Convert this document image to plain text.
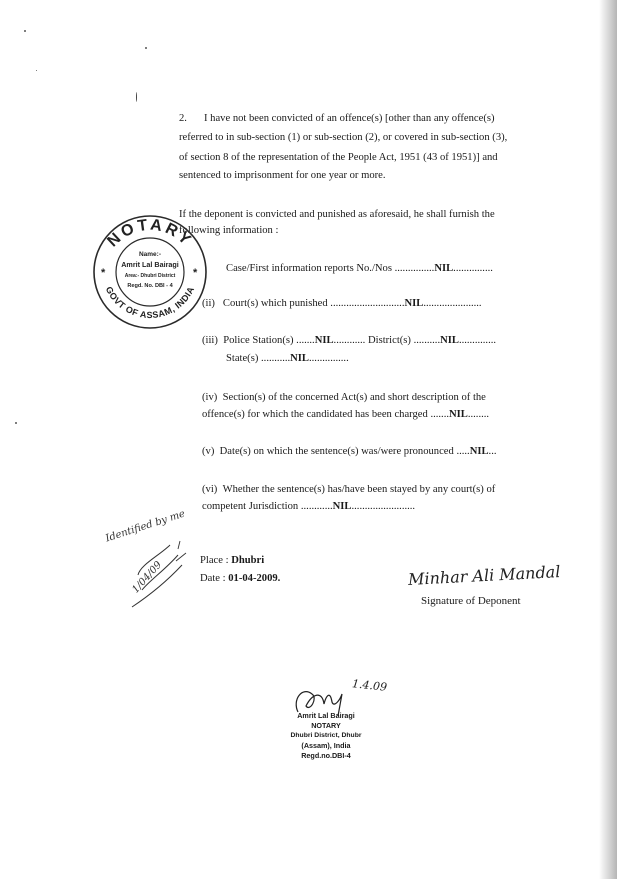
2. I have not been convicted of an offence(s) [other than any offence(s)
referred to in sub-section (1) or sub-section (2), or covered in sub-section (3),
of section 8 of the representation of the People Act, 1951 (43 of 1951)] and
sentenced to imprisonment for one year or more.
If the deponent is convicted and punished as aforesaid, he shall furnish the
following information :
Case/First information reports No./Nos ...............NIL...............
(ii) Court(s) which punished ............................NIL......................
(iii) Police Station(s) .......NIL............ District(s) ..........NIL..............
State(s) ...........NIL...............
(iv) Section(s) of the concerned Act(s) and short description of the
offence(s) for which the candidated has been charged .......NIL........
(v) Date(s) on which the sentence(s) was/were pronounced .....NIL...
(vi) Whether the sentence(s) has/have been stayed by any court(s) of
competent Jurisdiction ............NIL........................
Place : Dhubri
Date : 01-04-2009.	Minhar Ali Mandal
Signature of Deponent
NOTARY
GOVT OF ASSAM, INDIA
*	*
Name:-
Amrit Lal Bairagi
Area:- Dhubri District
Regd. No. DBI - 4
Identified by me
1/04/09
1.4.09
Amrit Lal Bairagi
NOTARY
Dhubri District, Dhubr
(Assam), India
Regd.no.DBI-4
